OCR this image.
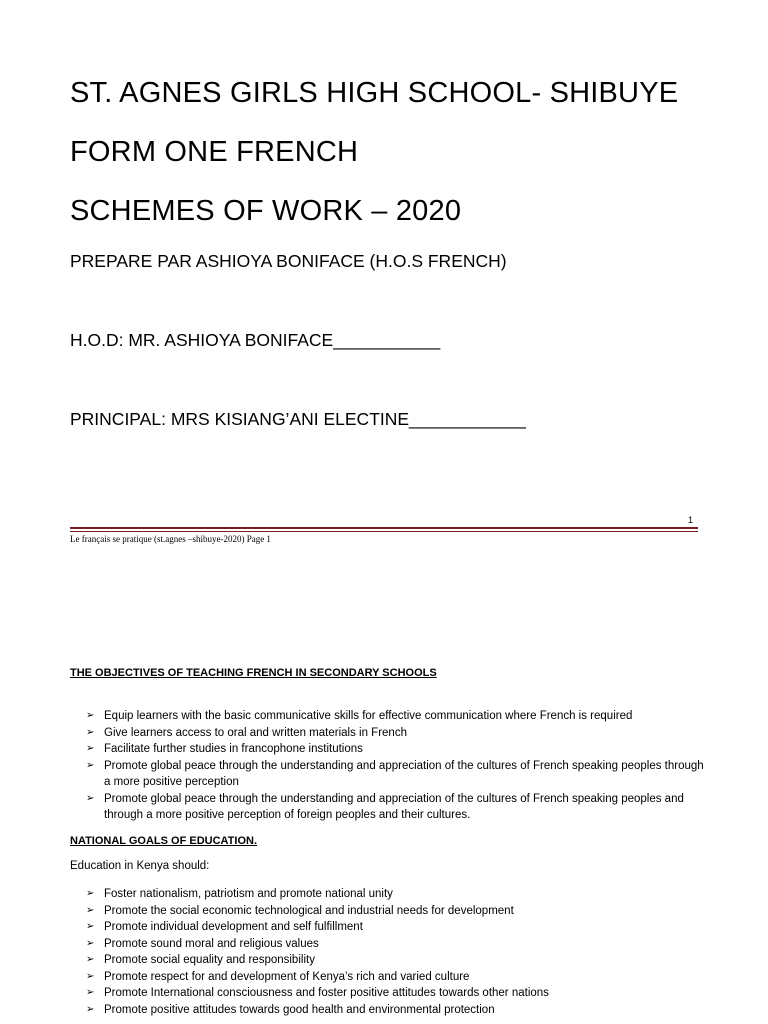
ST. AGNES GIRLS HIGH SCHOOL- SHIBUYE
FORM ONE FRENCH
SCHEMES OF WORK – 2020
PREPARE PAR ASHIOYA BONIFACE (H.O.S FRENCH)
H.O.D: MR. ASHIOYA BONIFACE___________
PRINCIPAL: MRS KISIANG’ANI ELECTINE____________
1
Le français se pratique (st.agnes –shibuye-2020) Page 1
THE OBJECTIVES OF TEACHING FRENCH IN SECONDARY SCHOOLS
➢ Equip learners with the basic communicative skills for effective communication where French is required
➢ Give learners access to oral and written materials in French
➢ Facilitate further studies in francophone institutions
➢ Promote global peace through the understanding and appreciation of the cultures of French speaking peoples through a more positive perception
➢ Promote global peace through the understanding and appreciation of the cultures of French speaking peoples and through a more positive perception of foreign peoples and their cultures.
NATIONAL GOALS OF EDUCATION.
Education in Kenya should:
➢ Foster nationalism, patriotism and promote national unity
➢ Promote the social economic technological and industrial needs for development
➢ Promote individual development and self fulfillment
➢ Promote sound moral and religious values
➢ Promote social equality and responsibility
➢ Promote respect for and development of Kenya’s rich and varied culture
➢ Promote International consciousness and foster positive attitudes towards other nations
➢ Promote positive attitudes towards good health and environmental protection
